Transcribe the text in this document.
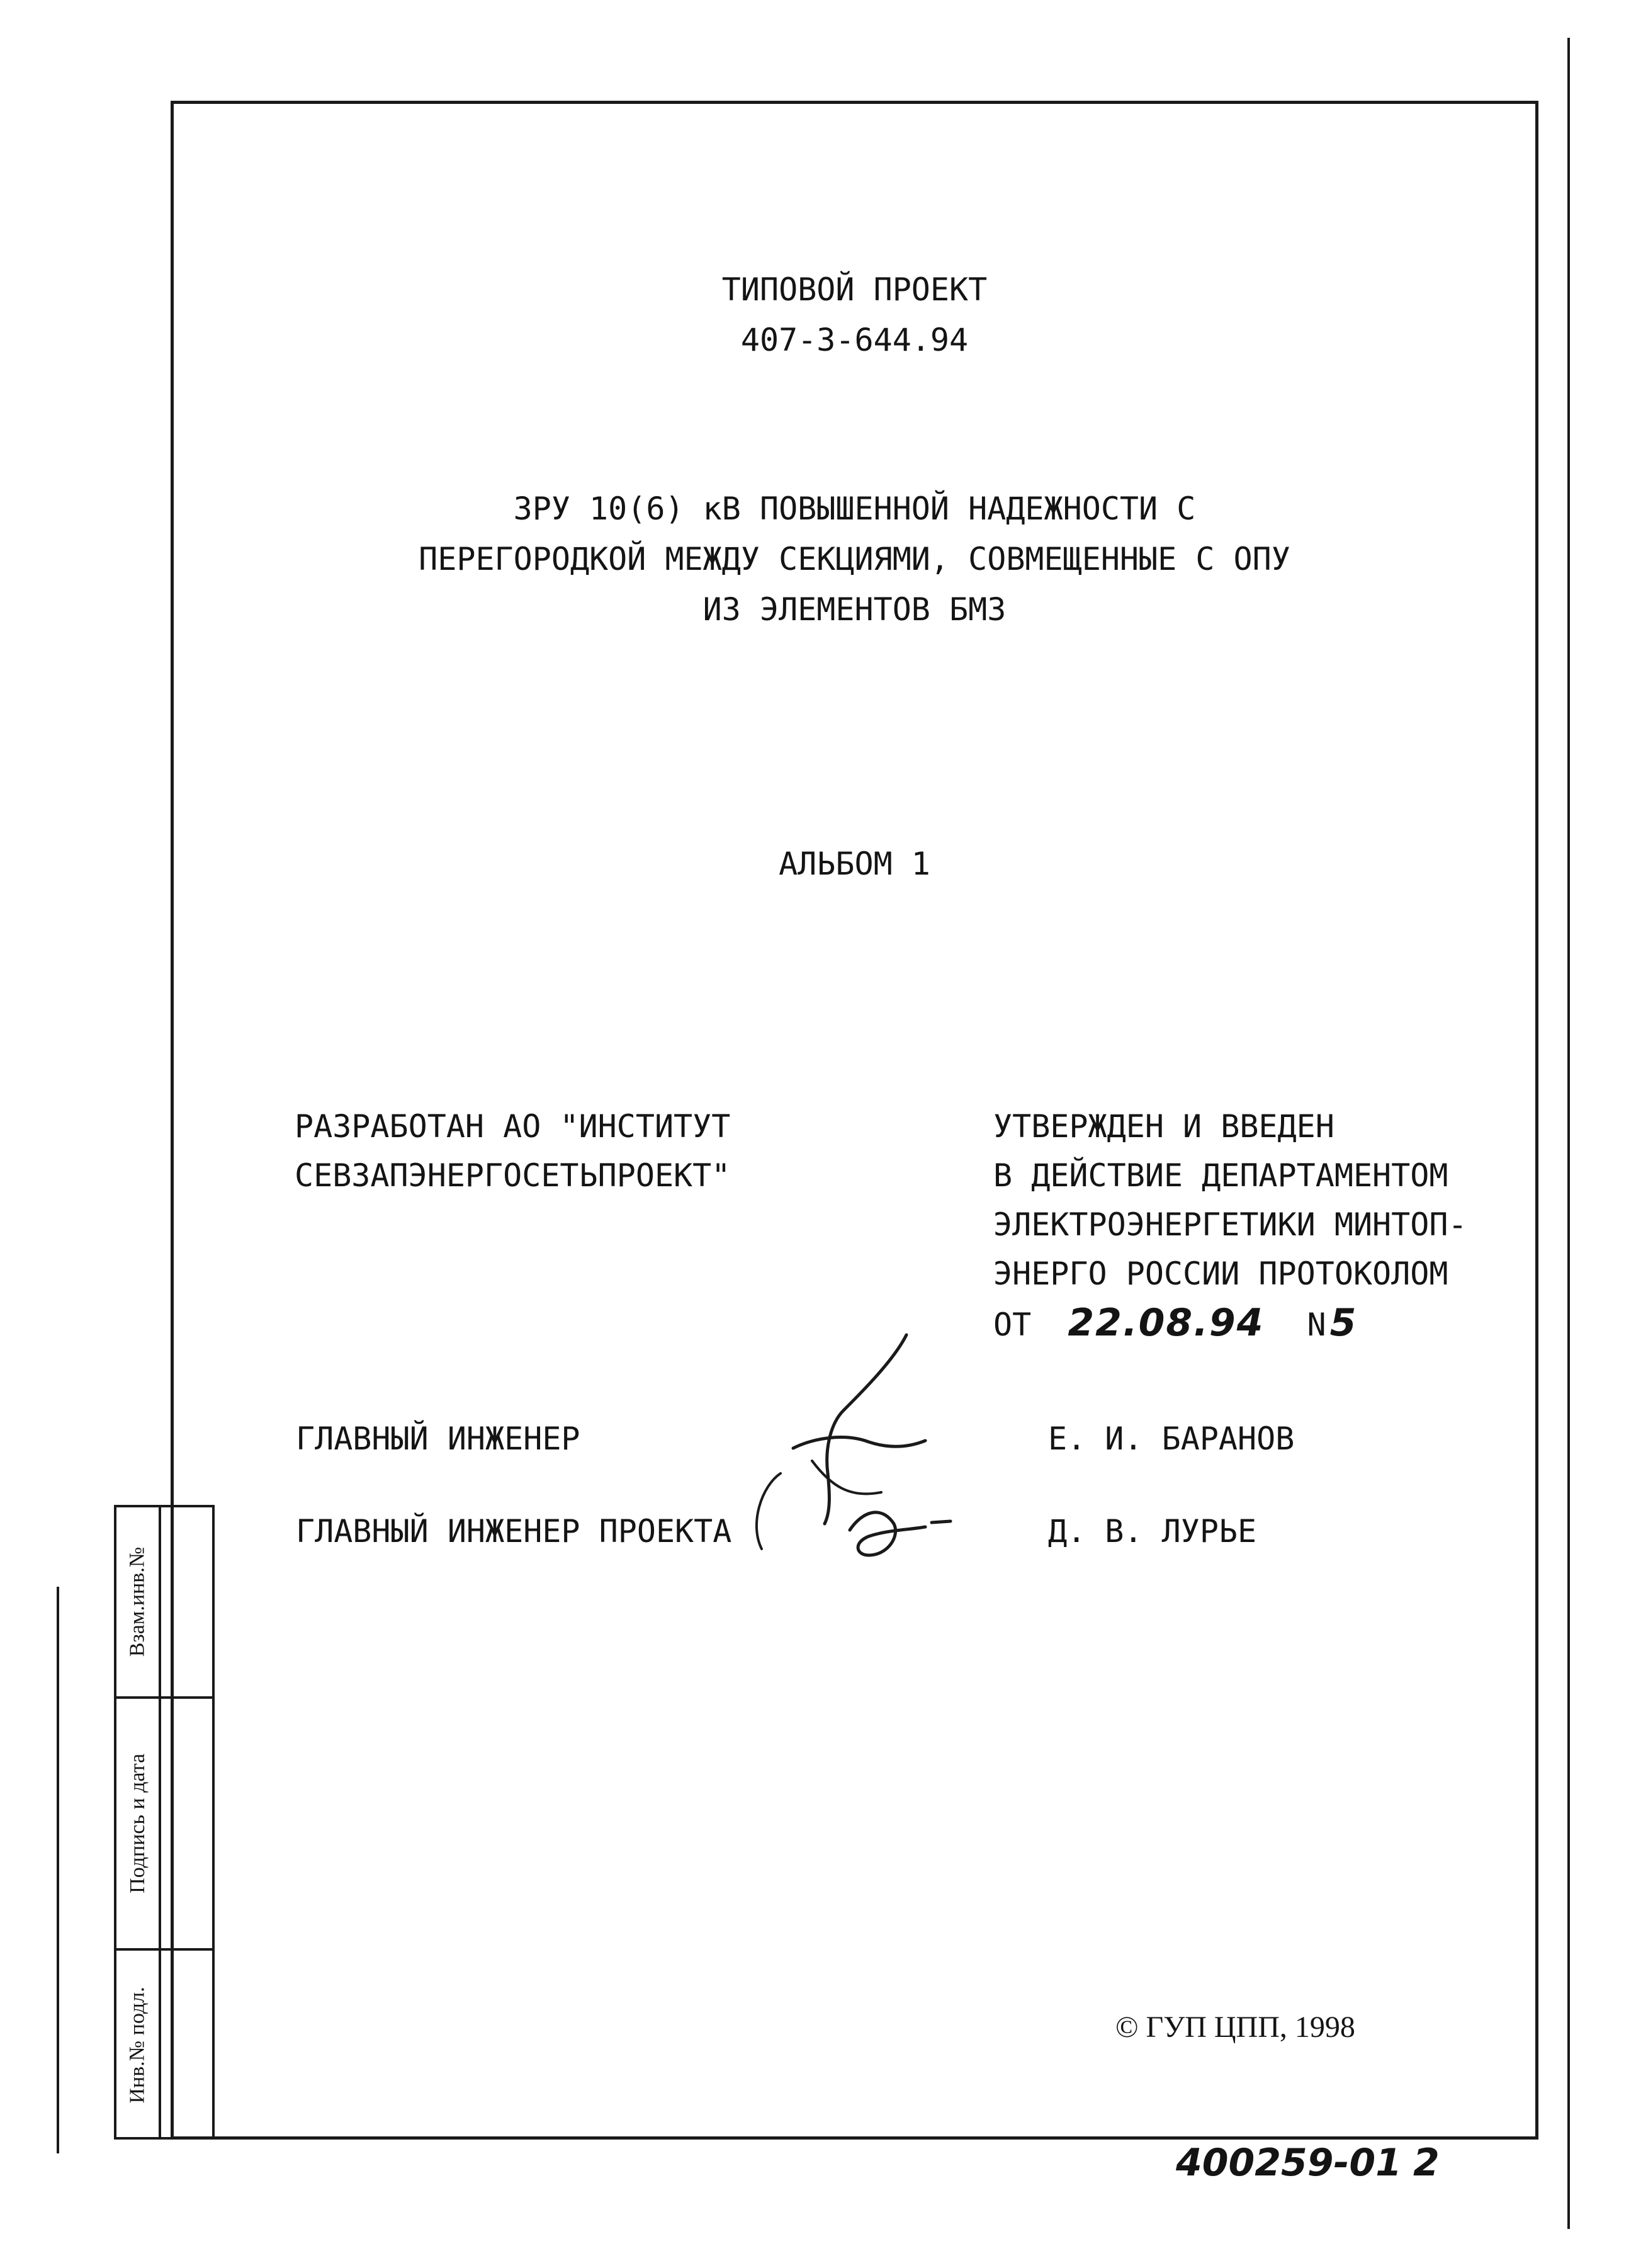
ТИПОВОЙ ПРОЕКТ
407-3-644.94
ЗРУ 10(6) кВ ПОВЫШЕННОЙ НАДЕЖНОСТИ С
ПЕРЕГОРОДКОЙ МЕЖДУ СЕКЦИЯМИ, СОВМЕЩЕННЫЕ С ОПУ
ИЗ ЭЛЕМЕНТОВ БМЗ
АЛЬБОМ 1
РАЗРАБОТАН АО "ИНСТИТУТ
СЕВЗАПЭНЕРГОСЕТЬПРОЕКТ"
УТВЕРЖДЕН И ВВЕДЕН
В ДЕЙСТВИЕ ДЕПАРТАМЕНТОМ
ЭЛЕКТРОЭНЕРГЕТИКИ МИНТОП-
ЭНЕРГО РОССИИ ПРОТОКОЛОМ
ОТ 22.08.94 N 5
ГЛАВНЫЙ ИНЖЕНЕР	Е. И. БАРАНОВ
ГЛАВНЫЙ ИНЖЕНЕР ПРОЕКТА	Д. В. ЛУРЬЕ
Взам.инв.№
Подпись и дата
Инв.№ подл.	© ГУП ЦПП, 1998
400259-01 2
